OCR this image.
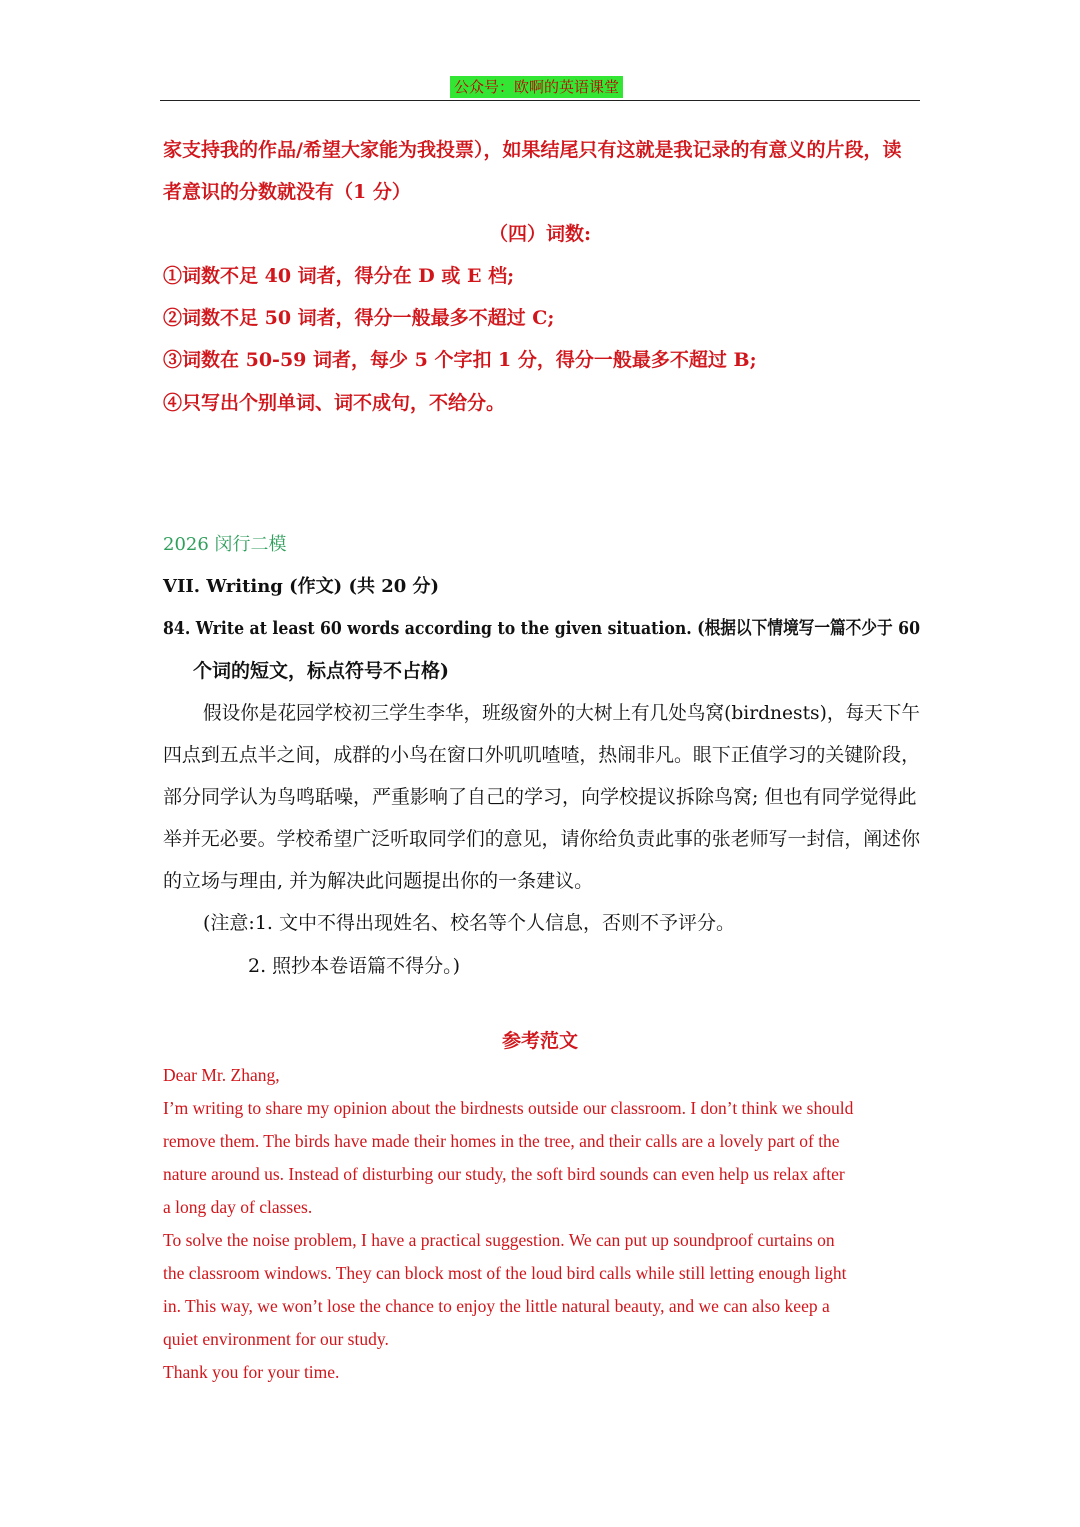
公众号：欧啊的英语课堂
家支持我的作品/希望大家能为我投票），如果结尾只有这就是我记录的有意义的片段，读
者意识的分数就没有（1 分）
（四）词数:
①词数不足 40 词者，得分在 D 或 E 档;
②词数不足 50 词者，得分一般最多不超过 C;
③词数在 50-59 词者，每少 5 个字扣 1 分，得分一般最多不超过 B;
④只写出个别单词、词不成句，不给分。
2026 闵行二模
VII. Writing (作文) (共 20 分)
84. Write at least 60 words according to the given situation. (根据以下情境写一篇不少于 60
个词的短文，标点符号不占格)
假设你是花园学校初三学生李华，班级窗外的大树上有几处鸟窝(birdnests)，每天下午
四点到五点半之间，成群的小鸟在窗口外叽叽喳喳，热闹非凡。眼下正值学习的关键阶段，
部分同学认为鸟鸣聒噪，严重影响了自己的学习，向学校提议拆除鸟窝; 但也有同学觉得此
举并无必要。学校希望广泛听取同学们的意见，请你给负责此事的张老师写一封信，阐述你
的立场与理由, 并为解决此问题提出你的一条建议。
(注意:1. 文中不得出现姓名、校名等个人信息，否则不予评分。
2. 照抄本卷语篇不得分。)
参考范文
Dear Mr. Zhang,
I’m writing to share my opinion about the birdnests outside our classroom. I don’t think we should
remove them. The birds have made their homes in the tree, and their calls are a lovely part of the
nature around us. Instead of disturbing our study, the soft bird sounds can even help us relax after
a long day of classes.
To solve the noise problem, I have a practical suggestion. We can put up soundproof curtains on
the classroom windows. They can block most of the loud bird calls while still letting enough light
in. This way, we won’t lose the chance to enjoy the little natural beauty, and we can also keep a
quiet environment for our study.
Thank you for your time.
